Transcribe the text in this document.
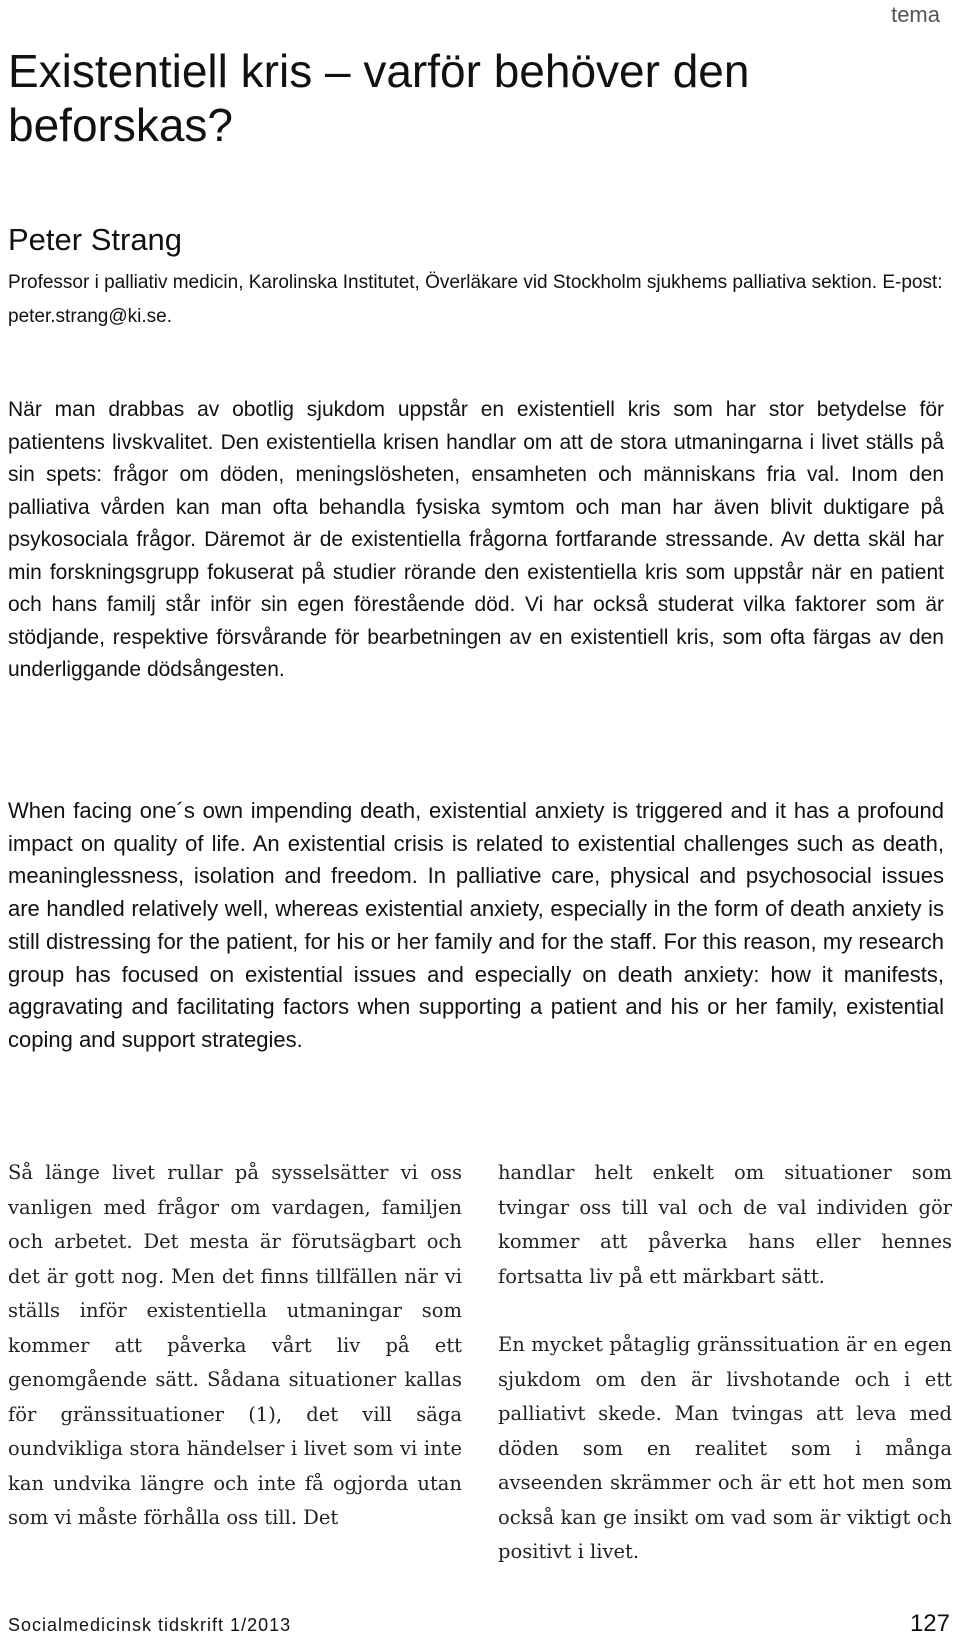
tema
Existentiell kris – varför behöver den beforskas?
Peter Strang

Professor i palliativ medicin, Karolinska Institutet, Överläkare vid Stockholm sjukhems palliativa sektion. E-post: peter.strang@ki.se.

När man drabbas av obotlig sjukdom uppstår en existentiell kris som har stor betydelse för patientens livskvalitet. Den existentiella krisen handlar om att de stora utmaningarna i livet ställs på sin spets: frågor om döden, meningslösheten, ensamheten och människans fria val. Inom den palliativa vården kan man ofta behandla fysiska symtom och man har även blivit duktigare på psykosociala frågor. Däremot är de existentiella frågorna fortfarande stressande. Av detta skäl har min forskningsgrupp fokuserat på studier rörande den existentiella kris som uppstår när en patient och hans familj står inför sin egen förestående död. Vi har också studerat vilka faktorer som är stödjande, respektive försvårande för bearbetningen av en existentiell kris, som ofta färgas av den underliggande dödsångesten.

When facing one´s own impending death, existential anxiety is triggered and it has a profound impact on quality of life. An existential crisis is related to existential challenges such as death, meaninglessness, isolation and freedom. In palliative care, physical and psychosocial issues are handled relatively well, whereas existential anxiety, especially in the form of death anxiety is still distressing for the patient, for his or her family and for the staff. For this reason, my research group has focused on existential issues and especially on death anxiety: how it manifests, aggravating and facilitating factors when supporting a patient and his or her family, existential coping and support strategies.

Så länge livet rullar på sysselsätter vi oss vanligen med frågor om vardagen, familjen och arbetet. Det mesta är förutsägbart och det är gott nog. Men det finns tillfällen när vi ställs inför existentiella utmaningar som kommer att påverka vårt liv på ett genomgående sätt. Sådana situationer kallas för gränssituationer (1), det vill säga oundvikliga stora händelser i livet som vi inte kan undvika längre och inte få ogjorda utan som vi måste förhålla oss till. Det

handlar helt enkelt om situationer som tvingar oss till val och de val individen gör kommer att påverka hans eller hennes fortsatta liv på ett märkbart sätt.

En mycket påtaglig gränssituation är en egen sjukdom om den är livshotande och i ett palliativt skede. Man tvingas att leva med döden som en realitet som i många avseenden skrämmer och är ett hot men som också kan ge insikt om vad som är viktigt och positivt i livet.

Socialmedicinsk tidskrift 1/2013	127
